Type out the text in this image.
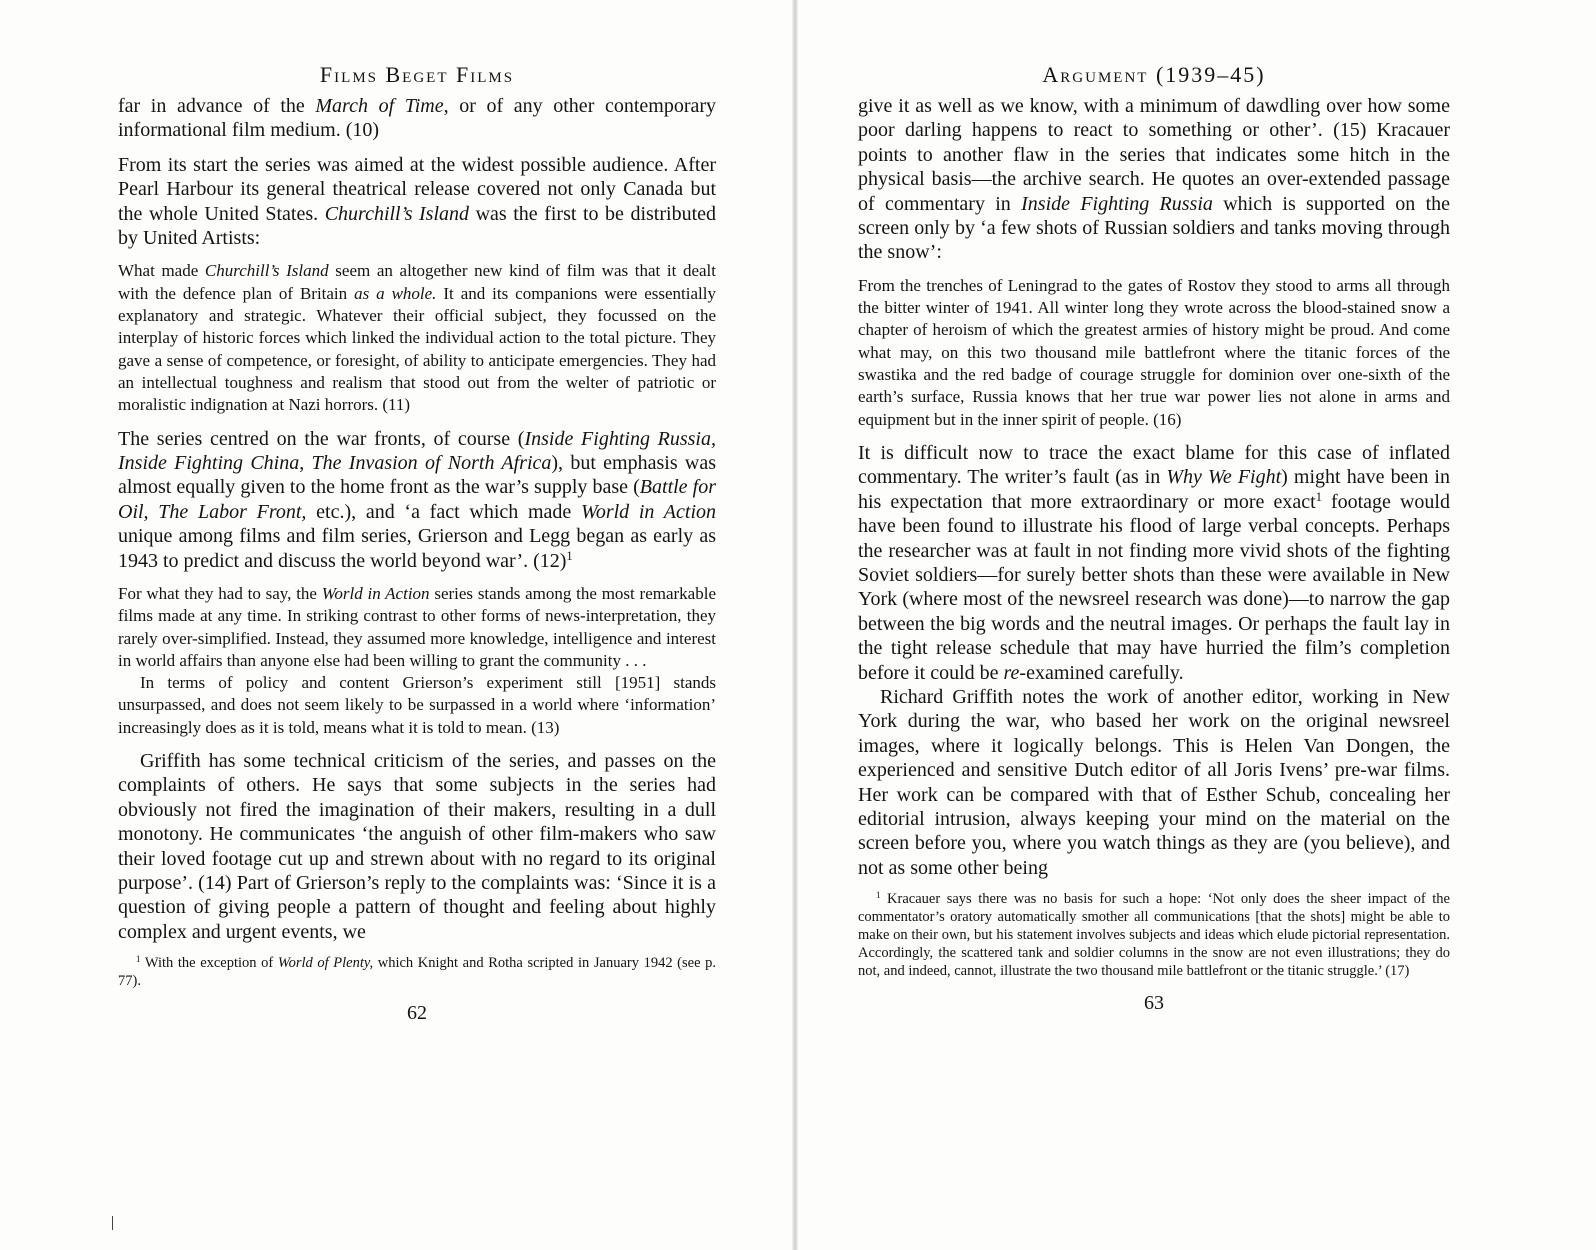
Films Beget Films

far in advance of the March of Time, or of any other contemporary informational film medium. (10)

From its start the series was aimed at the widest possible audience. After Pearl Harbour its general theatrical release covered not only Canada but the whole United States. Churchill’s Island was the first to be distributed by United Artists:

What made Churchill’s Island seem an altogether new kind of film was that it dealt with the defence plan of Britain as a whole. It and its companions were essentially explanatory and strategic. Whatever their official subject, they focussed on the interplay of historic forces which linked the individual action to the total picture. They gave a sense of competence, or foresight, of ability to anticipate emergencies. They had an intellectual toughness and realism that stood out from the welter of patriotic or moralistic indignation at Nazi horrors. (11)

The series centred on the war fronts, of course (Inside Fighting Russia, Inside Fighting China, The Invasion of North Africa), but emphasis was almost equally given to the home front as the war’s supply base (Battle for Oil, The Labor Front, etc.), and ‘a fact which made World in Action unique among films and film series, Grierson and Legg began as early as 1943 to predict and discuss the world beyond war’. $(12)^1$

For what they had to say, the World in Action series stands among the most remarkable films made at any time. In striking contrast to other forms of news-interpretation, they rarely over-simplified. Instead, they assumed more knowledge, intelligence and interest in world affairs than anyone else had been willing to grant the community . . .

In terms of policy and content Grierson’s experiment still [1951] stands unsurpassed, and does not seem likely to be surpassed in a world where ‘information’ increasingly does as it is told, means what it is told to mean. (13)

Griffith has some technical criticism of the series, and passes on the complaints of others. He says that some subjects in the series had obviously not fired the imagination of their makers, resulting in a dull monotony. He communicates ‘the anguish of other film-makers who saw their loved footage cut up and strewn about with no regard to its original purpose’. (14) Part of Grierson’s reply to the complaints was: ‘Since it is a question of giving people a pattern of thought and feeling about highly complex and urgent events, we

$^1$ With the exception of World of Plenty, which Knight and Rotha scripted in January 1942 (see p. 77).

62
Argument (1939–45)

give it as well as we know, with a minimum of dawdling over how some poor darling happens to react to something or other’. (15) Kracauer points to another flaw in the series that indicates some hitch in the physical basis—the archive search. He quotes an over-extended passage of commentary in Inside Fighting Russia which is supported on the screen only by ‘a few shots of Russian soldiers and tanks moving through the snow’:

From the trenches of Leningrad to the gates of Rostov they stood to arms all through the bitter winter of 1941. All winter long they wrote across the blood-stained snow a chapter of heroism of which the greatest armies of history might be proud. And come what may, on this two thousand mile battlefront where the titanic forces of the swastika and the red badge of courage struggle for dominion over one-sixth of the earth’s surface, Russia knows that her true war power lies not alone in arms and equipment but in the inner spirit of people. (16)

It is difficult now to trace the exact blame for this case of inflated commentary. The writer’s fault (as in Why We Fight) might have been in his expectation that more extraordinary or more exact$^1$ footage would have been found to illustrate his flood of large verbal concepts. Perhaps the researcher was at fault in not finding more vivid shots of the fighting Soviet soldiers—for surely better shots than these were available in New York (where most of the newsreel research was done)—to narrow the gap between the big words and the neutral images. Or perhaps the fault lay in the tight release schedule that may have hurried the film’s completion before it could be re-examined carefully.

Richard Griffith notes the work of another editor, working in New York during the war, who based her work on the original newsreel images, where it logically belongs. This is Helen Van Dongen, the experienced and sensitive Dutch editor of all Joris Ivens’ pre-war films. Her work can be compared with that of Esther Schub, concealing her editorial intrusion, always keeping your mind on the material on the screen before you, where you watch things as they are (you believe), and not as some other being

$^1$ Kracauer says there was no basis for such a hope: ‘Not only does the sheer impact of the commentator’s oratory automatically smother all communications [that the shots] might be able to make on their own, but his statement involves subjects and ideas which elude pictorial representation. Accordingly, the scattered tank and soldier columns in the snow are not even illustrations; they do not, and indeed, cannot, illustrate the two thousand mile battlefront or the titanic struggle.’ (17)

63
